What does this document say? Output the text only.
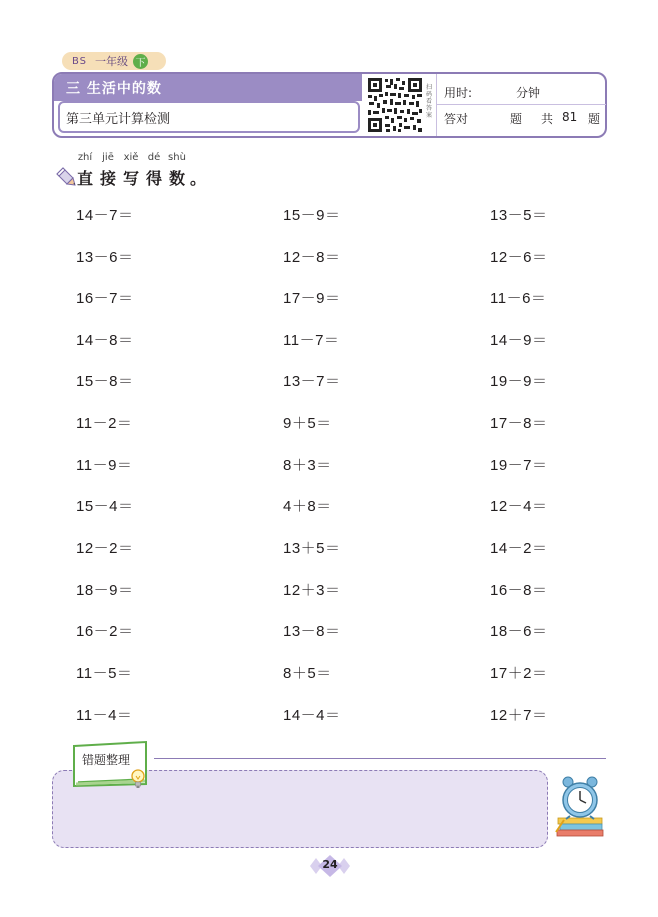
BS 一年级 下
三 生活中的数
第三单元计算检测
扫码看答案
用时:	分钟
答对	题 共 81 题
zhí jiē xiě dé shù
直 接 写 得 数 。
14－7＝	15－9＝	13－5＝
13－6＝	12－8＝	12－6＝
16－7＝	17－9＝	11－6＝
14－8＝	11－7＝	14－9＝
15－8＝	13－7＝	19－9＝
11－2＝	9＋5＝	17－8＝
11－9＝	8＋3＝	19－7＝
15－4＝	4＋8＝	12－4＝
12－2＝	13＋5＝	14－2＝
18－9＝	12＋3＝	16－8＝
16－2＝	13－8＝	18－6＝
11－5＝	8＋5＝	17＋2＝
11－4＝	14－4＝	12＋7＝
错题整理
24
